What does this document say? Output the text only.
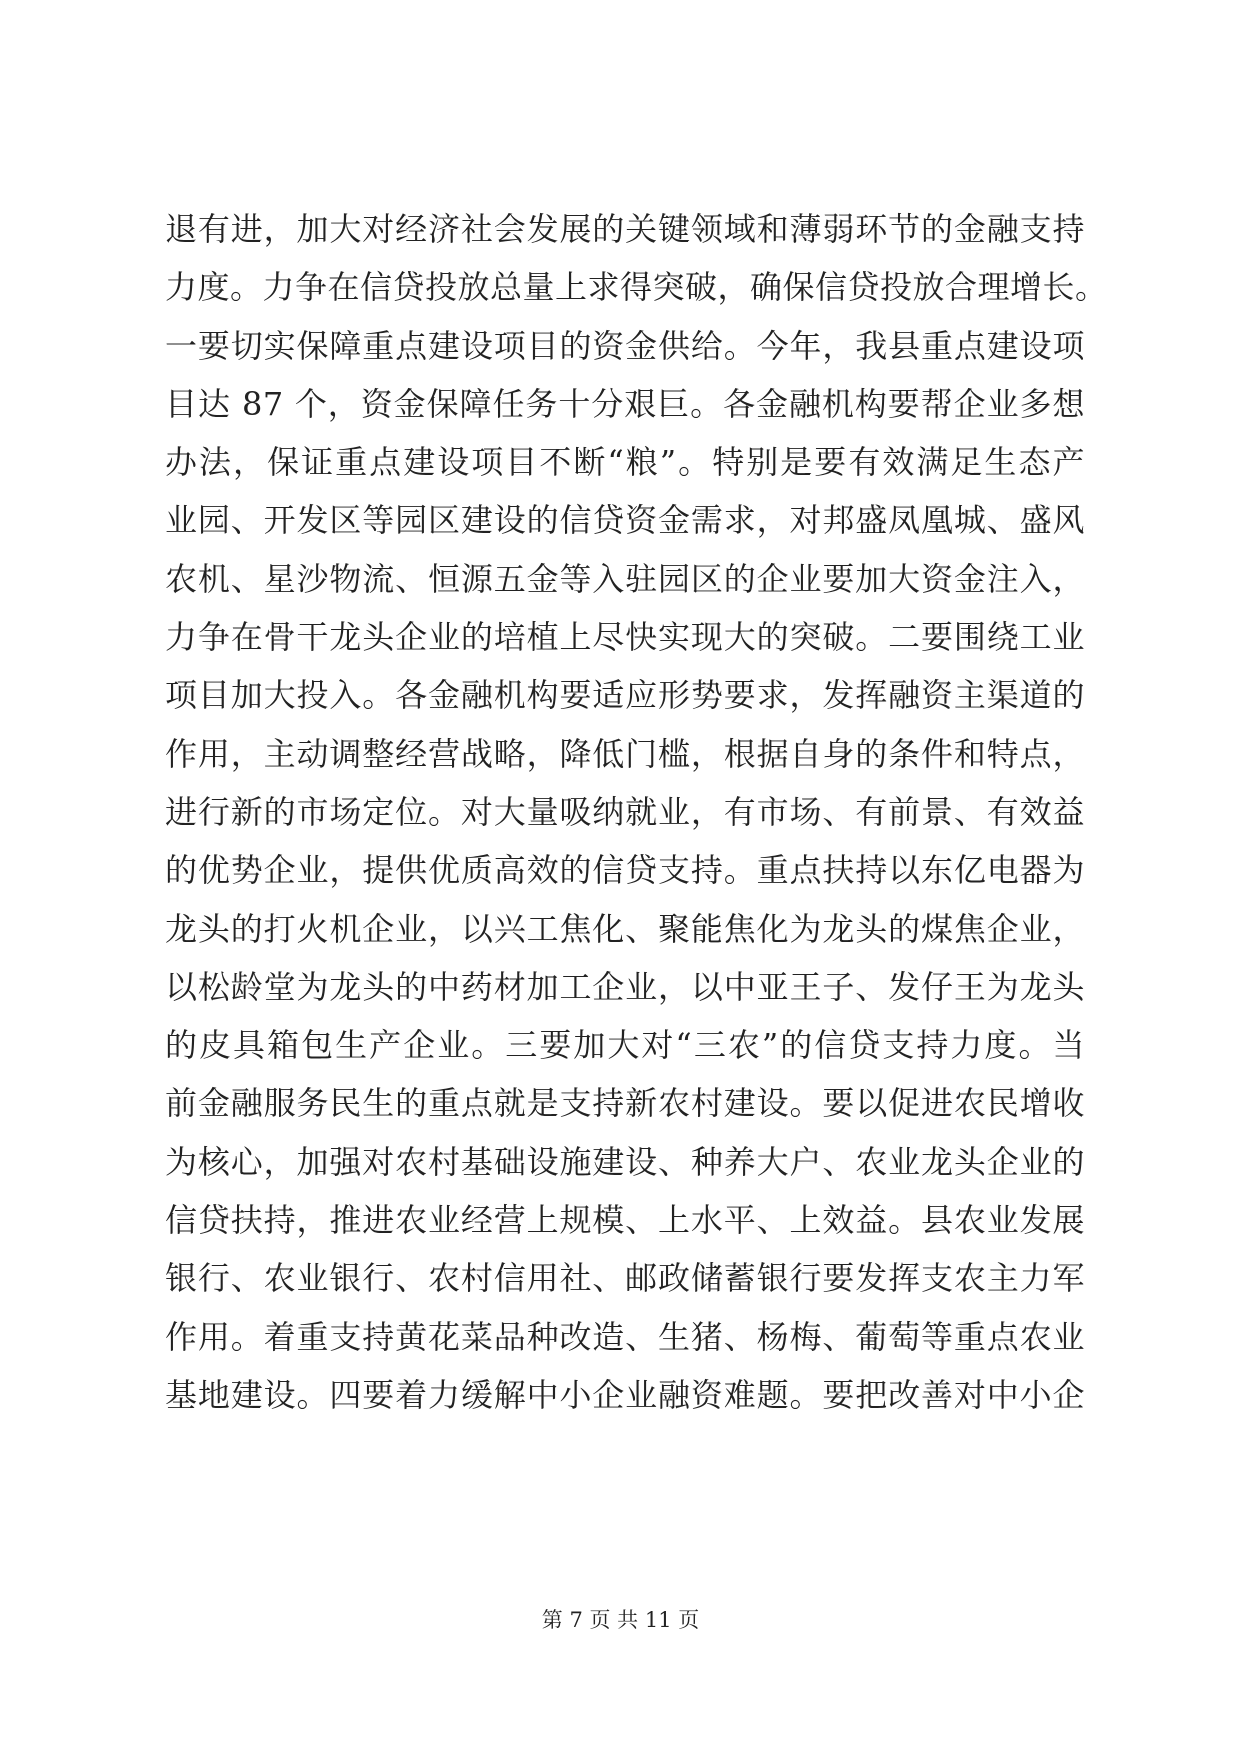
退有进，加大对经济社会发展的关键领域和薄弱环节的金融支持
力度。力争在信贷投放总量上求得突破，确保信贷投放合理增长。
一要切实保障重点建设项目的资金供给。今年，我县重点建设项
目达 87 个，资金保障任务十分艰巨。各金融机构要帮企业多想
办法，保证重点建设项目不断“粮”。特别是要有效满足生态产
业园、开发区等园区建设的信贷资金需求，对邦盛凤凰城、盛风
农机、星沙物流、恒源五金等入驻园区的企业要加大资金注入，
力争在骨干龙头企业的培植上尽快实现大的突破。二要围绕工业
项目加大投入。各金融机构要适应形势要求，发挥融资主渠道的
作用，主动调整经营战略，降低门槛，根据自身的条件和特点，
进行新的市场定位。对大量吸纳就业，有市场、有前景、有效益
的优势企业，提供优质高效的信贷支持。重点扶持以东亿电器为
龙头的打火机企业，以兴工焦化、聚能焦化为龙头的煤焦企业，
以松龄堂为龙头的中药材加工企业，以中亚王子、发仔王为龙头
的皮具箱包生产企业。三要加大对“三农”的信贷支持力度。当
前金融服务民生的重点就是支持新农村建设。要以促进农民增收
为核心，加强对农村基础设施建设、种养大户、农业龙头企业的
信贷扶持，推进农业经营上规模、上水平、上效益。县农业发展
银行、农业银行、农村信用社、邮政储蓄银行要发挥支农主力军
作用。着重支持黄花菜品种改造、生猪、杨梅、葡萄等重点农业
基地建设。四要着力缓解中小企业融资难题。要把改善对中小企
第 7 页 共 11 页
